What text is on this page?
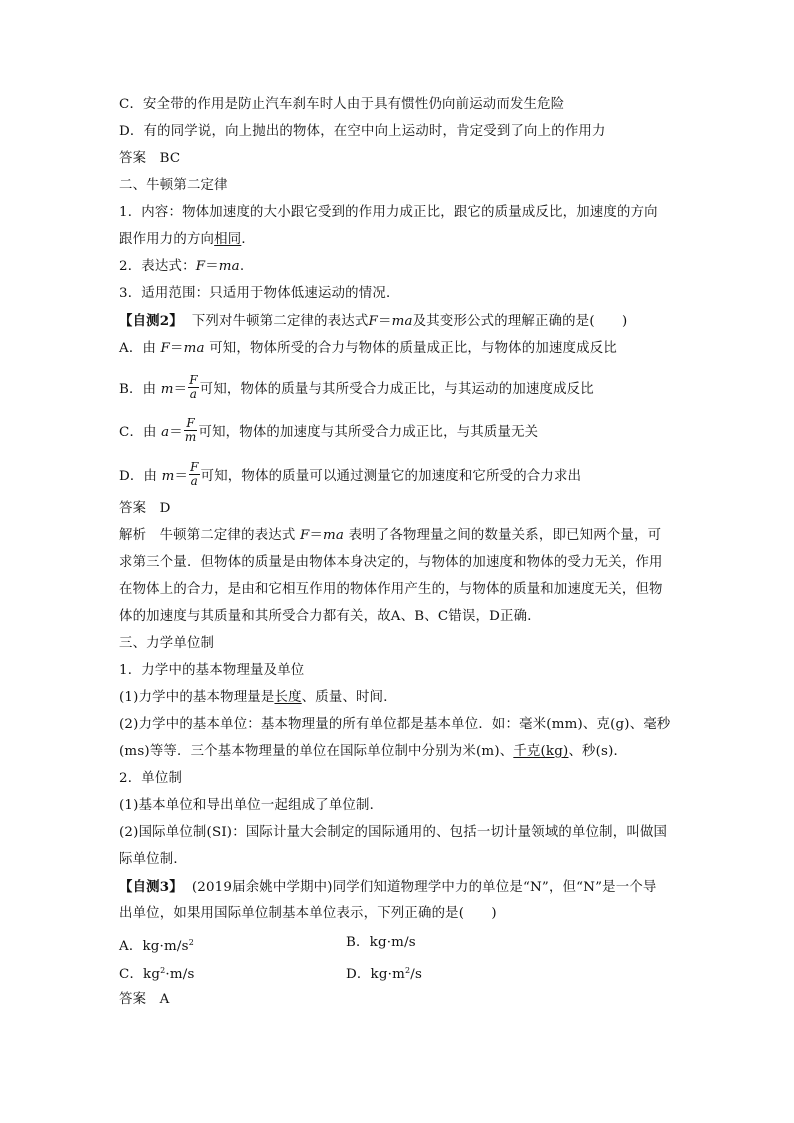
C．安全带的作用是防止汽车刹车时人由于具有惯性仍向前运动而发生危险
D．有的同学说，向上抛出的物体，在空中向上运动时，肯定受到了向上的作用力
答案 BC
二、牛顿第二定律
1．内容：物体加速度的大小跟它受到的作用力成正比，跟它的质量成反比，加速度的方向
跟作用力的方向相同．
2．表达式：F＝ma.
3．适用范围：只适用于物体低速运动的情况．
【自测2】 下列对牛顿第二定律的表达式F＝ma及其变形公式的理解正确的是(　　)
A．由 F＝ma 可知，物体所受的合力与物体的质量成正比，与物体的加速度成反比
B．由 $m= \frac{F}{a}$ 可知，物体的质量与其所受合力成正比，与其运动的加速度成反比
C．由 $a= \frac{F}{m}$ 可知，物体的加速度与其所受合力成正比，与其质量无关
D．由 $m= \frac{F}{a}$ 可知，物体的质量可以通过测量它的加速度和它所受的合力求出
答案 D
解析 牛顿第二定律的表达式 F＝ma 表明了各物理量之间的数量关系，即已知两个量，可
求第三个量．但物体的质量是由物体本身决定的，与物体的加速度和物体的受力无关，作用
在物体上的合力，是由和它相互作用的物体作用产生的，与物体的质量和加速度无关，但物
体的加速度与其质量和其所受合力都有关，故A、B、C错误，D正确．
三、力学单位制
1．力学中的基本物理量及单位
(1)力学中的基本物理量是长度、质量、时间．
(2)力学中的基本单位：基本物理量的所有单位都是基本单位．如：毫米(mm)、克(g)、毫秒
(ms)等等．三个基本物理量的单位在国际单位制中分别为米(m)、千克(kg)、秒(s)．
2．单位制
(1)基本单位和导出单位一起组成了单位制．
(2)国际单位制(SI)：国际计量大会制定的国际通用的、包括一切计量领域的单位制，叫做国
际单位制．
【自测3】 (2019届余姚中学期中)同学们知道物理学中力的单位是“N”，但“N”是一个导
出单位，如果用国际单位制基本单位表示，下列正确的是(　　)
A．$kg\cdot m/s^2$	B．kg·m/s
C．$kg^2\cdot m/s$	D．$kg\cdot m^2/s$
答案 A
